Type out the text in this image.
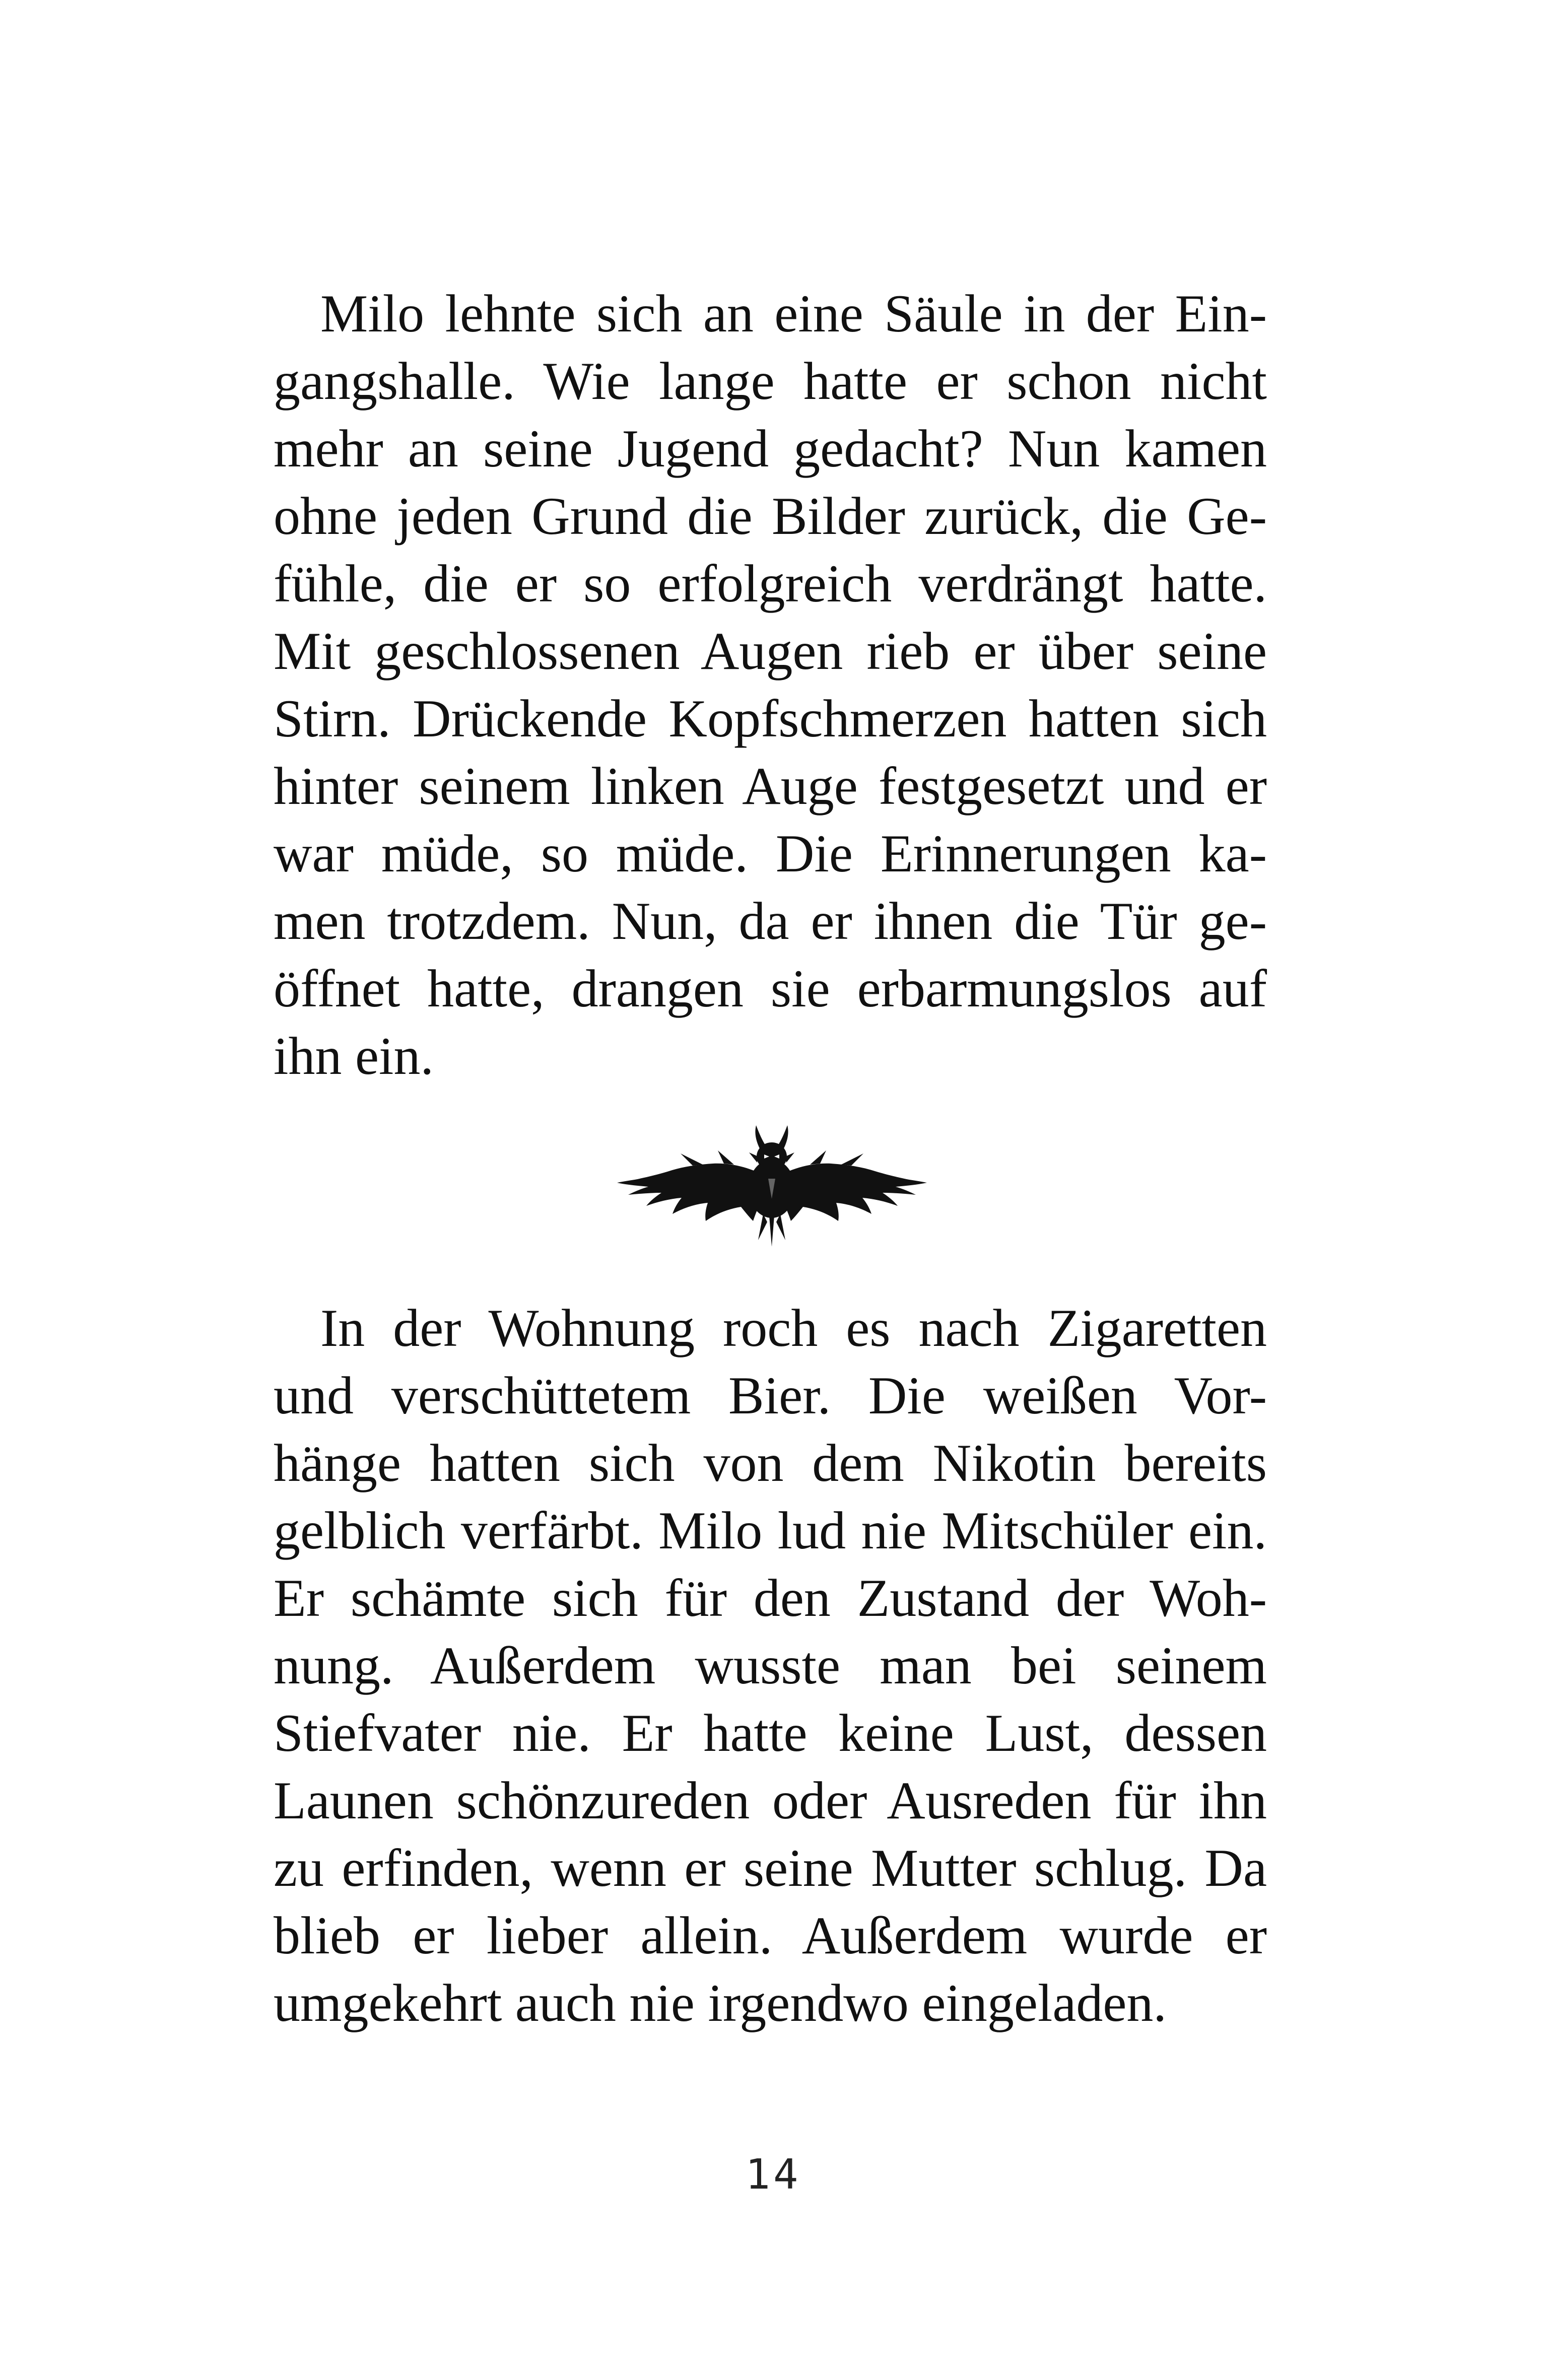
Milo lehnte sich an eine Säule in der Ein-
gangshalle. Wie lange hatte er schon nicht
mehr an seine Jugend gedacht? Nun kamen
ohne jeden Grund die Bilder zurück, die Ge-
fühle, die er so erfolgreich verdrängt hatte.
Mit geschlossenen Augen rieb er über seine
Stirn. Drückende Kopfschmerzen hatten sich
hinter seinem linken Auge festgesetzt und er
war müde, so müde. Die Erinnerungen ka-
men trotzdem. Nun, da er ihnen die Tür ge-
öffnet hatte, drangen sie erbarmungslos auf
ihn ein.
In der Wohnung roch es nach Zigaretten
und verschüttetem Bier. Die weißen Vor-
hänge hatten sich von dem Nikotin bereits
gelblich verfärbt. Milo lud nie Mitschüler ein.
Er schämte sich für den Zustand der Woh-
nung. Außerdem wusste man bei seinem
Stiefvater nie. Er hatte keine Lust, dessen
Launen schönzureden oder Ausreden für ihn
zu erfinden, wenn er seine Mutter schlug. Da
blieb er lieber allein. Außerdem wurde er
umgekehrt auch nie irgendwo eingeladen.
14
